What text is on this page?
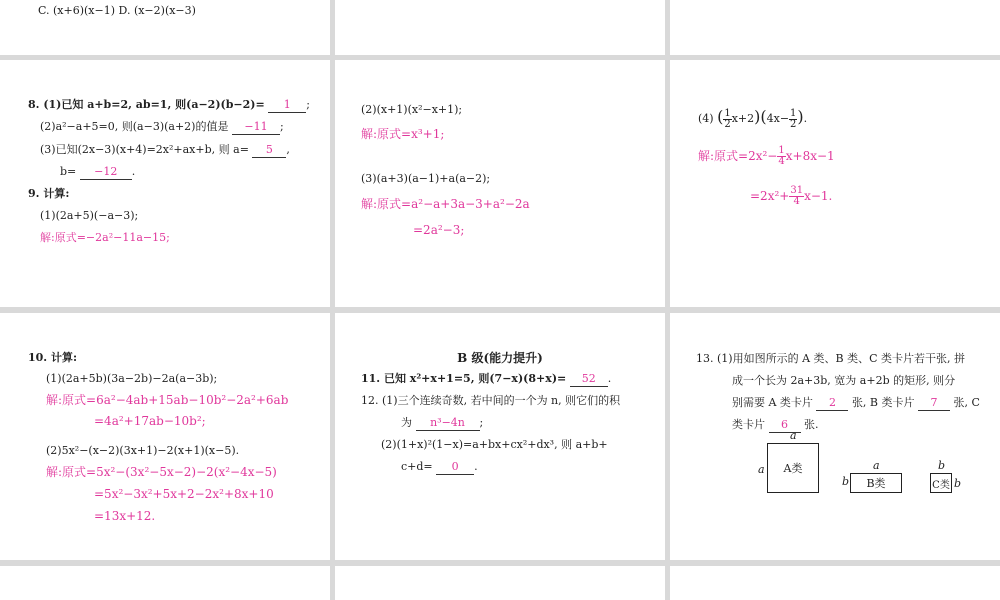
C. (x+6)(x−1) D. (x−2)(x−3)
8. (1)已知 a+b=2, ab=1, 则(a−2)(b−2)= 1 ;
(2)a²−a+5=0, 则(a−3)(a+2)的值是 −11 ;
(3)已知(2x−3)(x+4)=2x²+ax+b, 则 a= 5 ,
b= −12 .
9. 计算:
(1)(2a+5)(−a−3);
解:原式=−2a²−11a−15;
(2)(x+1)(x²−x+1);
解:原式=x³+1;
(3)(a+3)(a−1)+a(a−2);
解:原式=a²−a+3a−3+a²−2a
=2a²−3;
(4) ( $\frac{1}{2} x+2)(4x- \frac{1}{2}$ ).
解:原式$=2x^2- \frac{1}{4} x+8x-1$
$=2x^2+ \frac{31}{4} x-1$.
10. 计算:
(1)(2a+5b)(3a−2b)−2a(a−3b);
解:原式=6a²−4ab+15ab−10b²−2a²+6ab
=4a²+17ab−10b²;
(2)5x²−(x−2)(3x+1)−2(x+1)(x−5).
解:原式=5x²−(3x²−5x−2)−2(x²−4x−5)
=5x²−3x²+5x+2−2x²+8x+10
=13x+12.
B 级(能力提升)
11. 已知 x²+x+1=5, 则(7−x)(8+x)= 52 .
12. (1)三个连续奇数, 若中间的一个为 n, 则它们的积
为 n³−4n ;
(2)(1+x)²(1−x)=a+bx+cx²+dx³, 则 a+b+
c+d= 0 .
13. (1)用如图所示的 A 类、B 类、C 类卡片若干张, 拼
成一个长为 2a+3b, 宽为 a+2b 的矩形, 则分
别需要 A 类卡片 2 张, B 类卡片 7 张, C
类卡片 6 张.
a
a	A类	a
b	B类
b
b
C类
